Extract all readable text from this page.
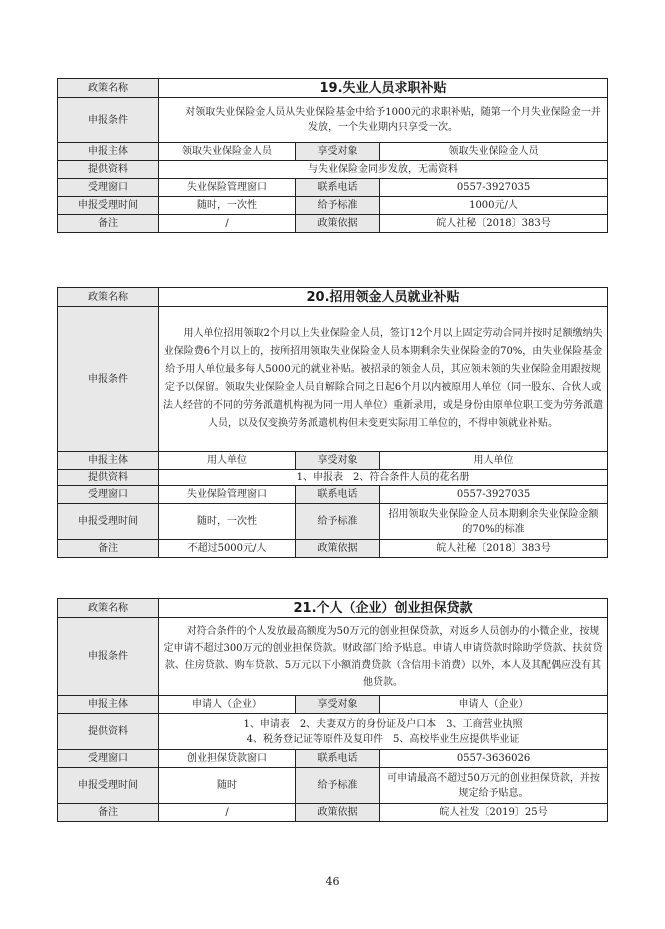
政策名称	19.失业人员求职补贴		
申报条件	对领取失业保险金人员从失业保险基金中给予1000元的求职补贴，随第一个月失业保险金一并发放，一个失业期内只享受一次。		

申报主体	领取失业保险金人员	享受对象	领取失业保险金人员
提供资料	与失业保险金同步发放，无需资料		
受理窗口	失业保险管理窗口	联系电话	0557-3927035
申报受理时间	随时，一次性	给予标准	1000元/人
备注	/	政策依据	皖人社秘〔2018〕383号
政策名称	20.招用领金人员就业补贴		
申报条件	用人单位招用领取2个月以上失业保险金人员，签订12个月以上固定劳动合同并按时足额缴纳失业保险费6个月以上的，按所招用领取失业保险金人员本期剩余失业保险金的70%，由失业保险基金给予用人单位最多每人5000元的就业补贴。被招录的领金人员，其应领未领的失业保险金用跟按规定予以保留。领取失业保险金人员自解除合同之日起6个月以内被原用人单位（同一股东、合伙人或法人经营的不同的劳务派遣机构视为同一用人单位）重新录用，或是身份由原单位职工变为劳务派遣人员，以及仅变换劳务派遣机构但未变更实际用工单位的，不得申领就业补贴。		

申报主体	用人单位	享受对象	用人单位
提供资料	1、申报表　2、符合条件人员的花名册		
受理窗口	失业保险管理窗口	联系电话	0557-3927035
申报受理时间	随时，一次性	给予标准	招用领取失业保险金人员本期剩余失业保险金额的70%的标准
备注	不超过5000元/人	政策依据	皖人社秘〔2018〕383号
政策名称	21.个人（企业）创业担保贷款		
申报条件	对符合条件的个人发放最高额度为50万元的创业担保贷款，对返乡人员创办的小微企业，按规定申请不超过300万元的创业担保贷款。财政部门给予贴息。申请人申请贷款时除助学贷款、扶贫贷款、住房贷款、购车贷款、5万元以下小额消费贷款（含信用卡消费）以外，本人及其配偶应没有其他贷款。		

申报主体	申请人（企业）	享受对象	申请人（企业）
提供资料	1、申请表　2、夫妻双方的身份证及户口本　3、工商营业执照
4、税务登记证等原件及复印件　5、高校毕业生应提供毕业证		

受理窗口	创业担保贷款窗口	联系电话	0557-3636026
申报受理时间	随时	给予标准	可申请最高不超过50万元的创业担保贷款，并按规定给予贴息。
备注	/	政策依据	皖人社发〔2019〕25号
46
